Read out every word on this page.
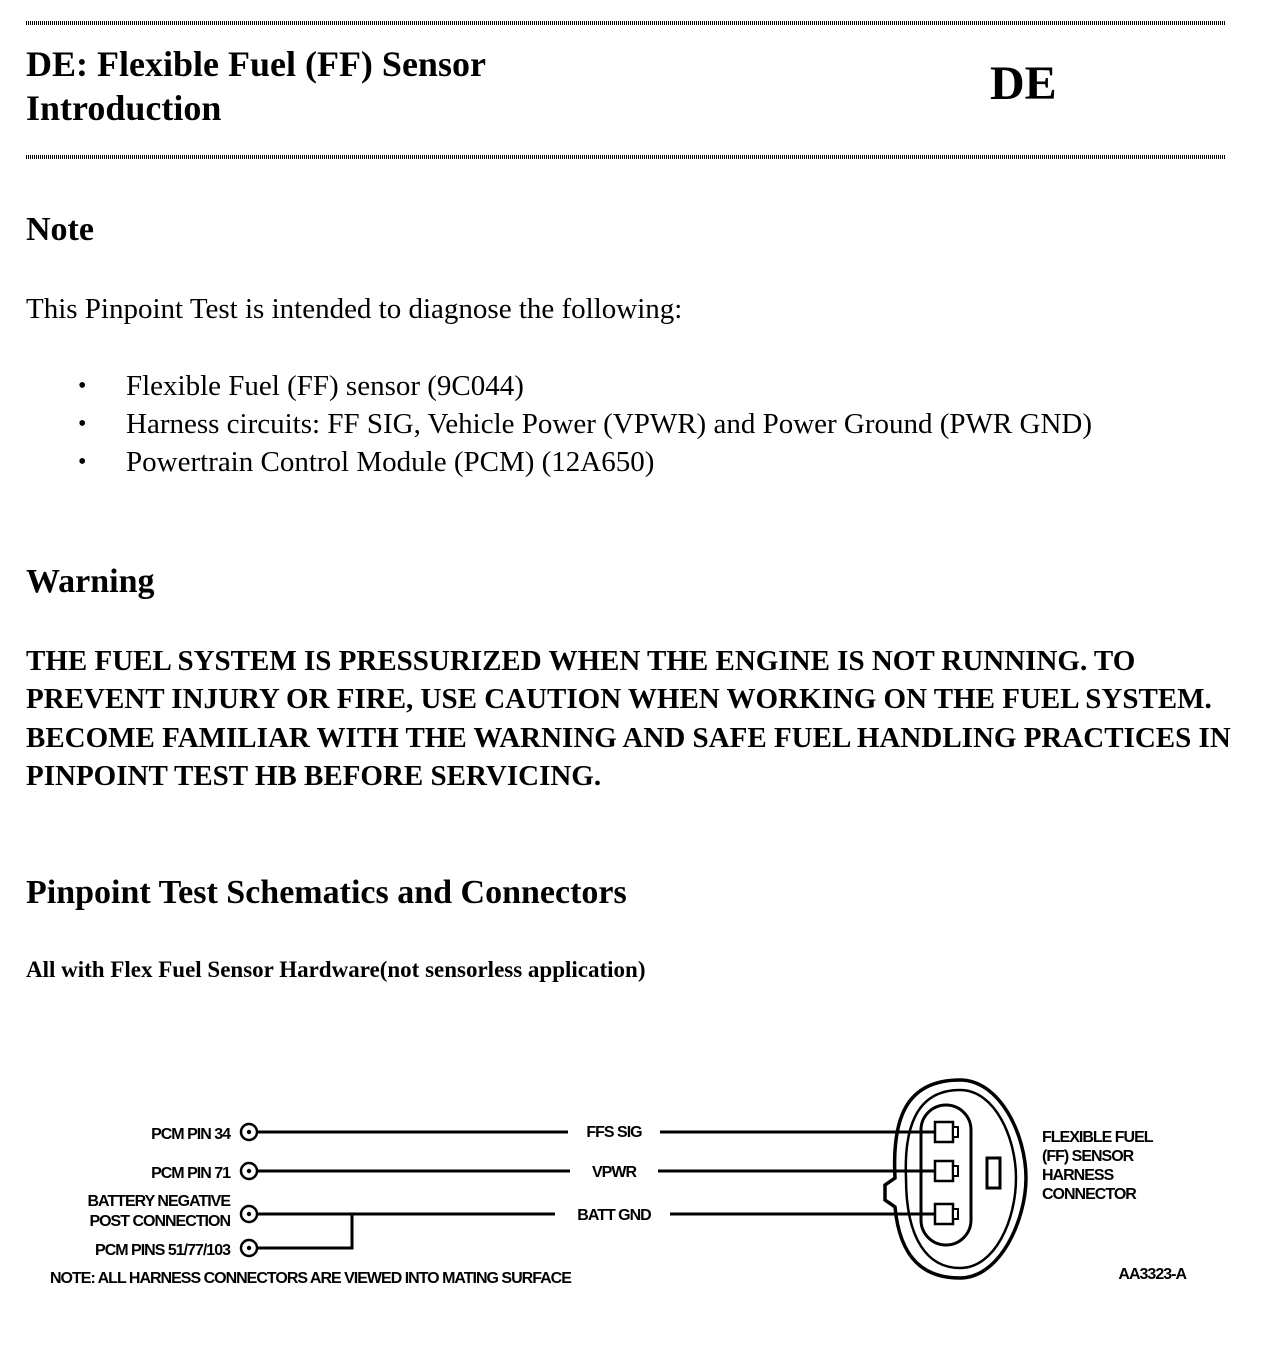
DE: Flexible Fuel (FF) Sensor
Introduction	DE
Note

This Pinpoint Test is intended to diagnose the following:

• Flexible Fuel (FF) sensor (9C044)
• Harness circuits: FF SIG, Vehicle Power (VPWR) and Power Ground (PWR GND)
• Powertrain Control Module (PCM) (12A650)
Warning

THE FUEL SYSTEM IS PRESSURIZED WHEN THE ENGINE IS NOT RUNNING. TO PREVENT INJURY OR FIRE, USE CAUTION WHEN WORKING ON THE FUEL SYSTEM. BECOME FAMILIAR WITH THE WARNING AND SAFE FUEL HANDLING PRACTICES IN PINPOINT TEST HB BEFORE SERVICING.

Pinpoint Test Schematics and Connectors

All with Flex Fuel Sensor Hardware(not sensorless application)

PCM PIN 34
PCM PIN 71
BATTERY NEGATIVE
POST CONNECTION
PCM PINS 51/77/103
FFS SIG
VPWR
BATT GND
FLEXIBLE FUEL
(FF) SENSOR
HARNESS
CONNECTOR
NOTE: ALL HARNESS CONNECTORS ARE VIEWED INTO MATING SURFACE	AA3323-A
